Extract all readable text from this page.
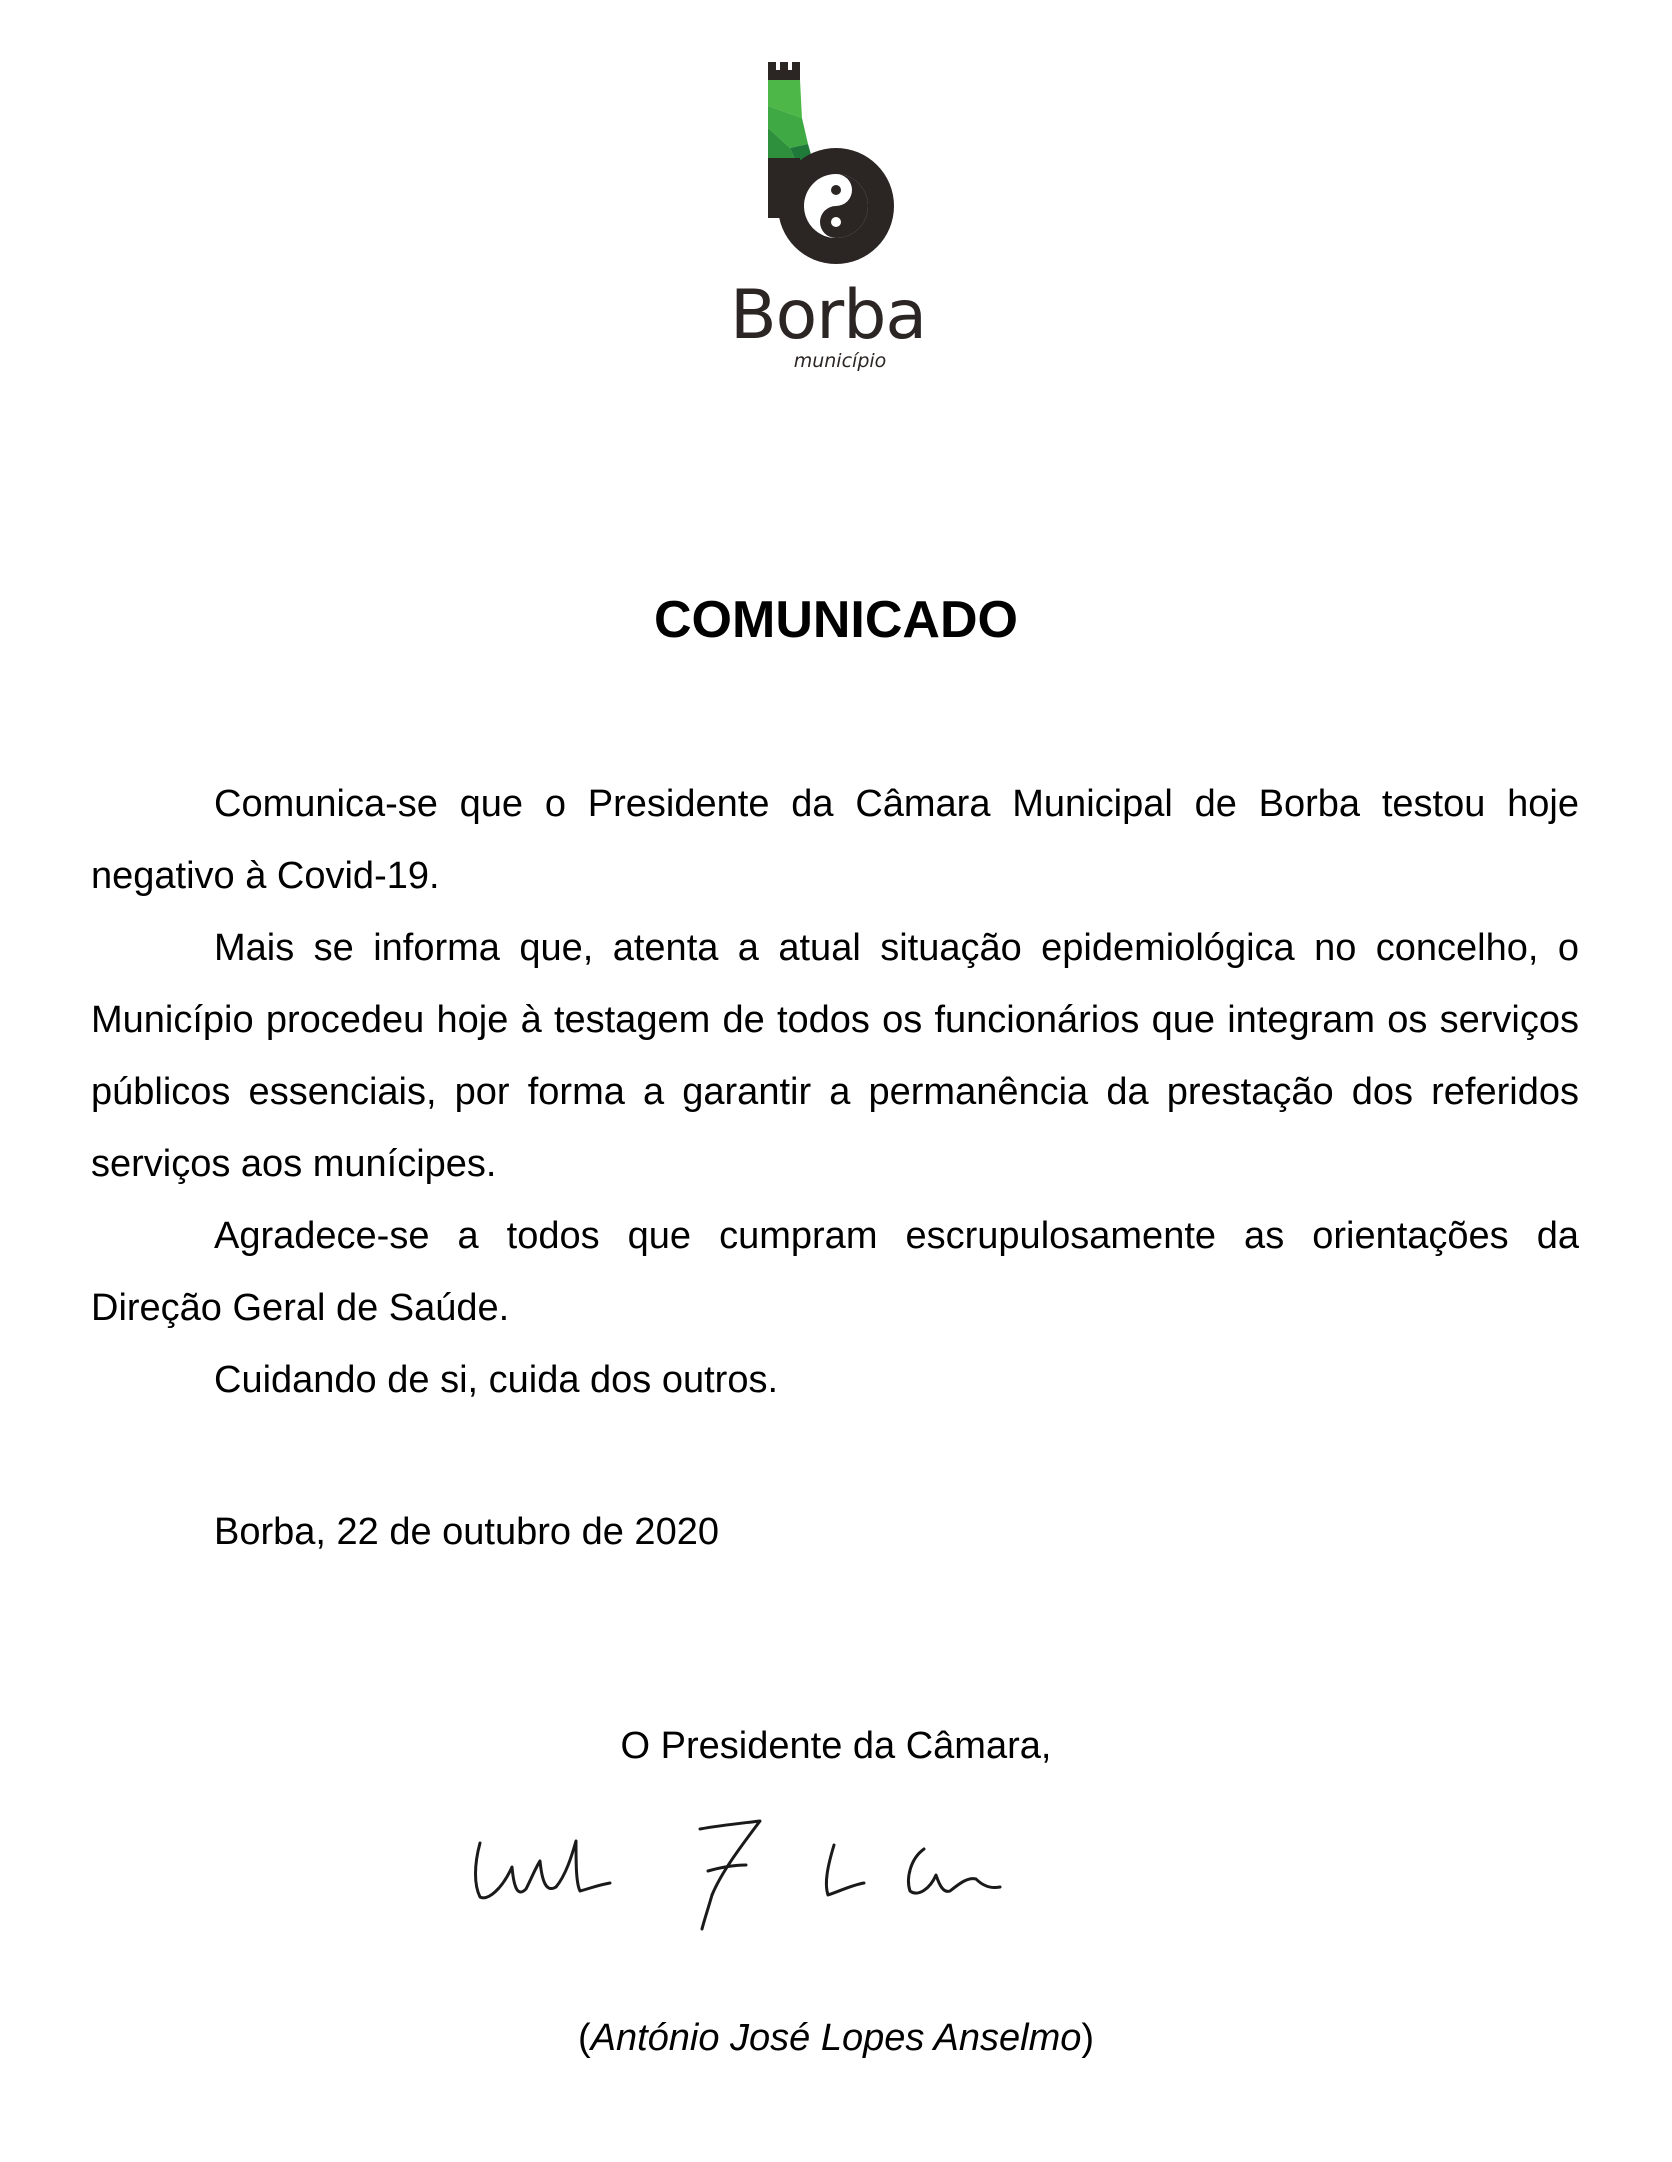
Borba
município
COMUNICADO

Comunica-se que o Presidente da Câmara Municipal de Borba testou hoje negativo à Covid-19.

Mais se informa que, atenta a atual situação epidemiológica no concelho, o Município procedeu hoje à testagem de todos os funcionários que integram os serviços públicos essenciais, por forma a garantir a permanência da prestação dos referidos serviços aos munícipes.

Agradece-se a todos que cumpram escrupulosamente as orientações da Direção Geral de Saúde.

Cuidando de si, cuida dos outros.

Borba, 22 de outubro de 2020
O Presidente da Câmara,
(António José Lopes Anselmo)
